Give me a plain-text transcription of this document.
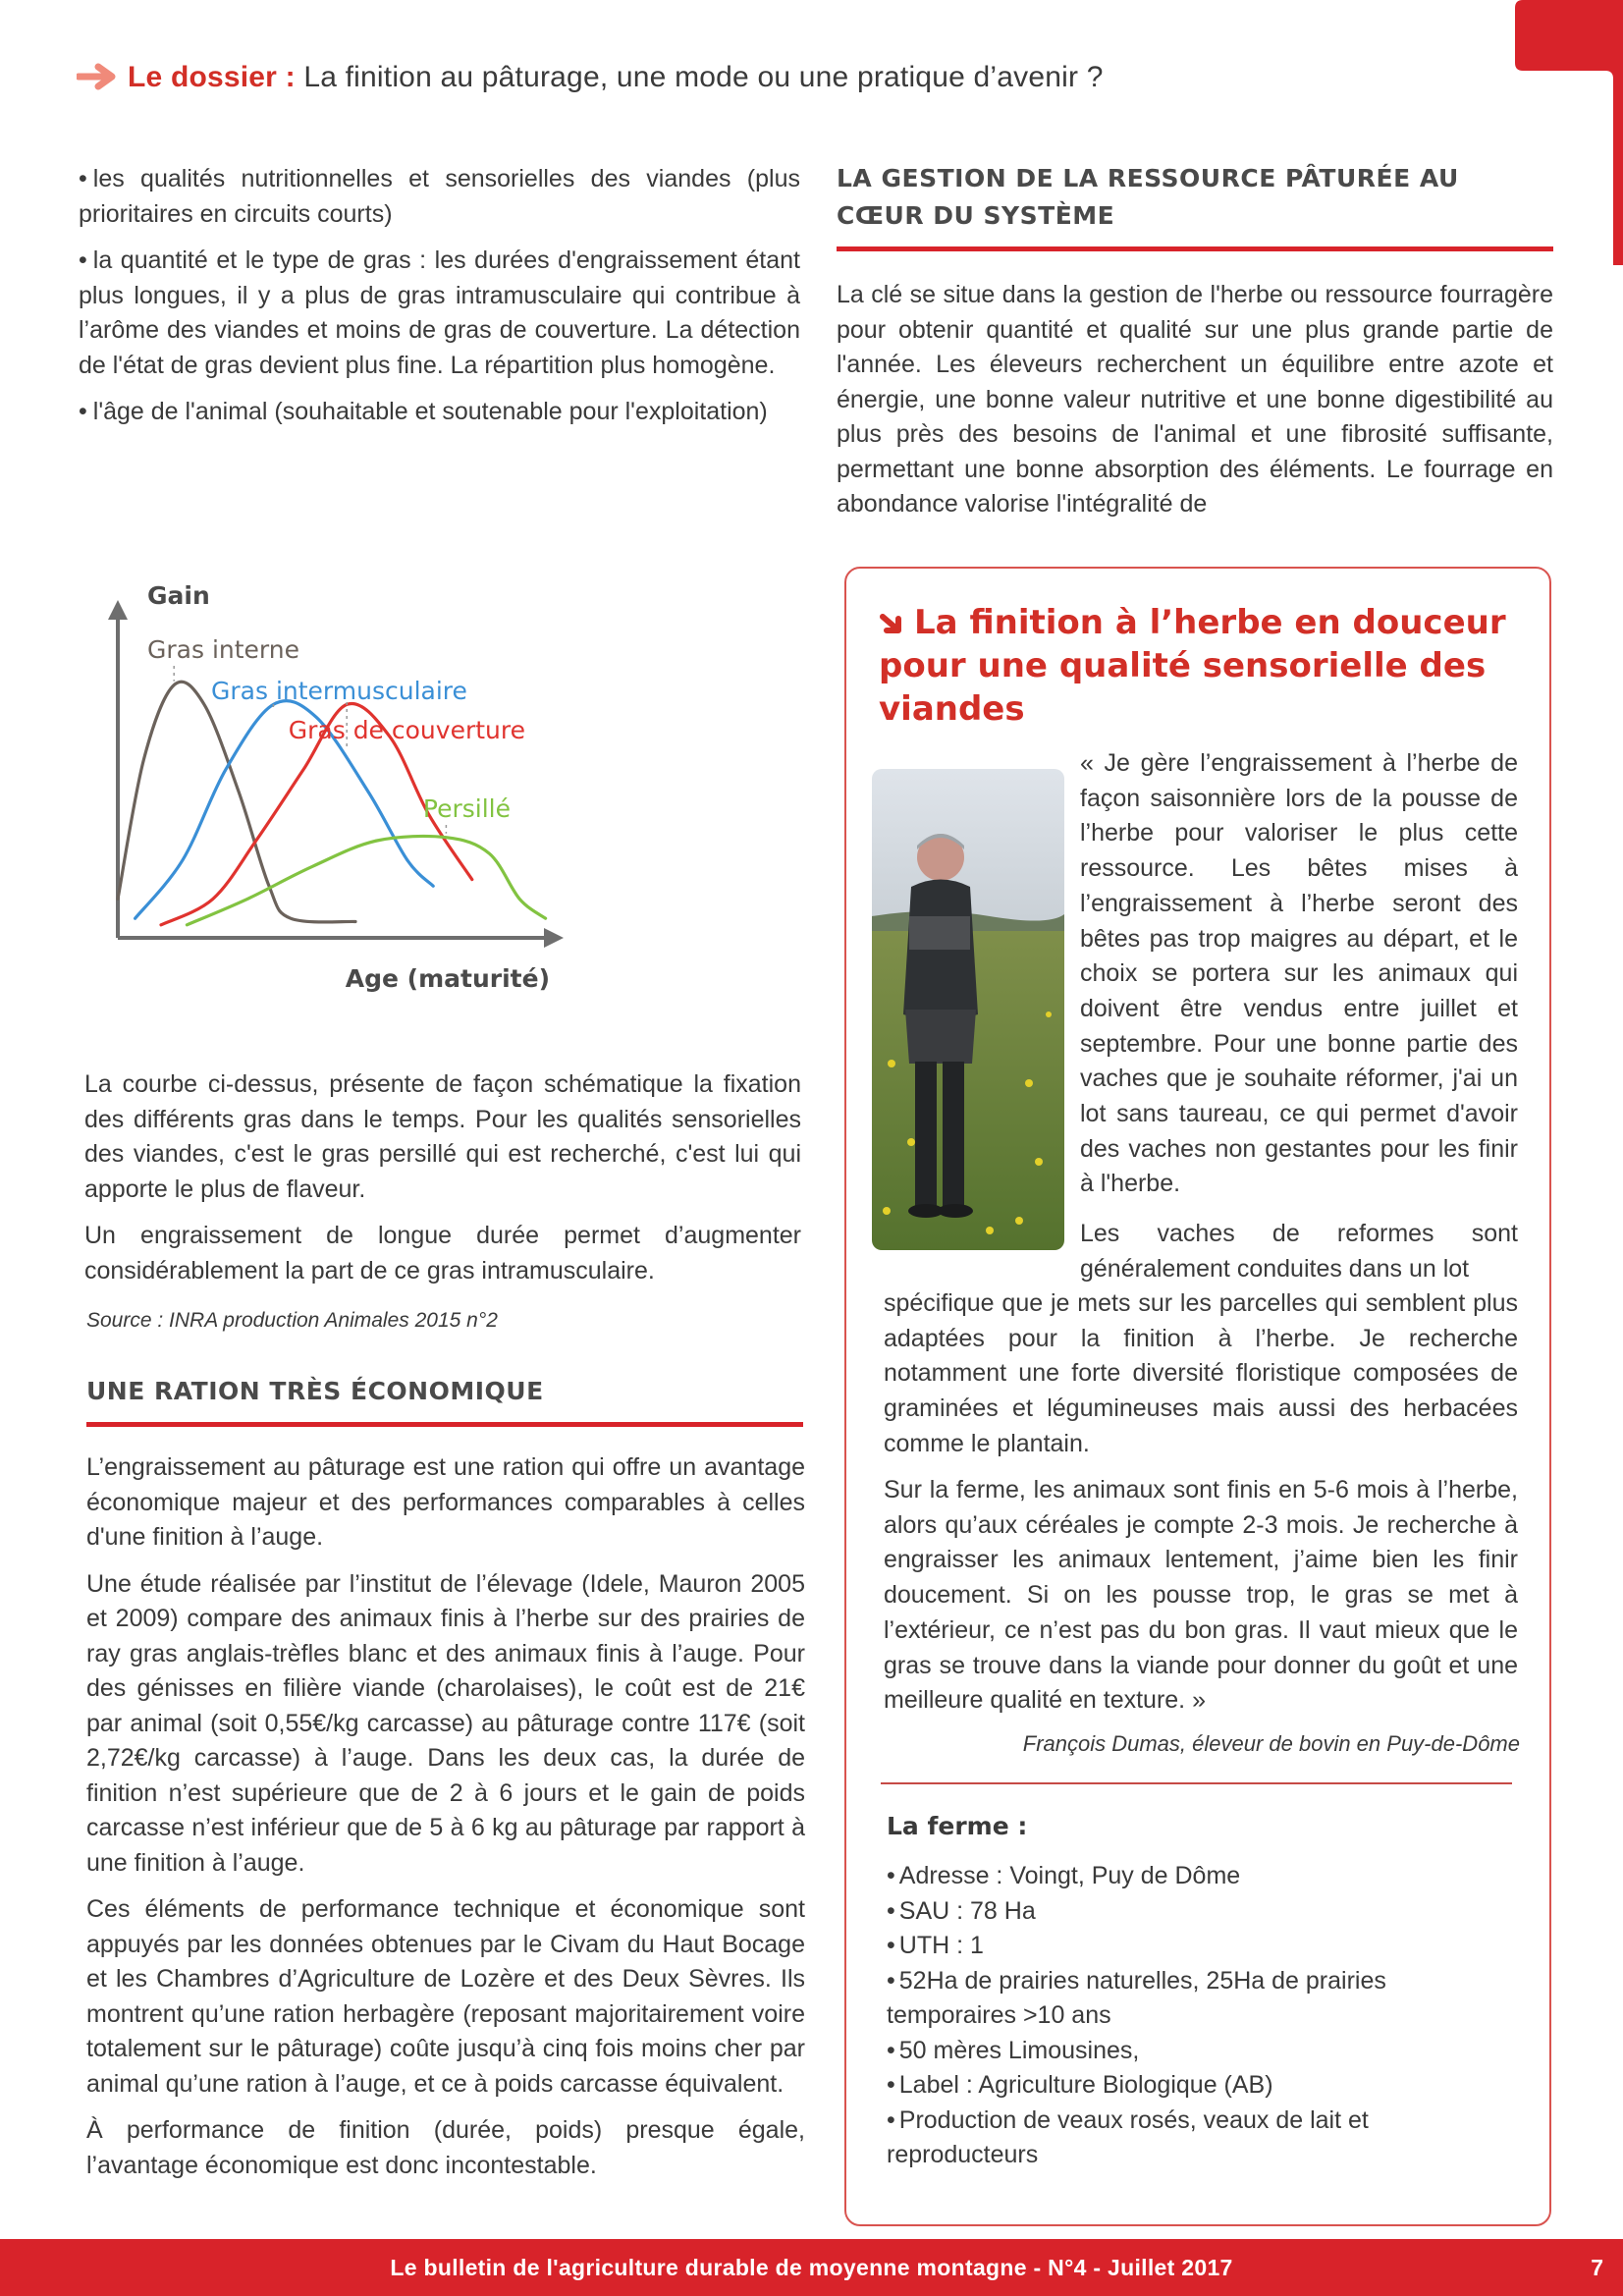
Le dossier : La finition au pâturage, une mode ou une pratique d’avenir ?

• les qualités nutritionnelles et sensorielles des viandes (plus prioritaires en circuits courts)

• la quantité et le type de gras : les durées d'engraissement étant plus longues, il y a plus de gras intramusculaire qui contribue à l’arôme des viandes et moins de gras de couverture. La détection de l'état de gras devient plus fine. La répartition plus homogène.

• l'âge de l'animal (souhaitable et soutenable pour l'exploitation)

LA GESTION DE LA RESSOURCE PÂTURÉE AU CŒUR DU SYSTÈME
La clé se situe dans la gestion de l'herbe ou ressource fourragère pour obtenir quantité et qualité sur une plus grande partie de l'année. Les éleveurs recherchent un équilibre entre azote et énergie, une bonne valeur nutritive et une bonne digestibilité au plus près des besoins de l'animal et une fibrosité suffisante, permettant une bonne absorption des éléments. Le fourrage en abondance valorise l'intégralité de
Gain
Age (maturité)
Gras interne
Gras intermusculaire
Gras de couverture
Persillé

La courbe ci-dessus, présente de façon schématique la fixation des différents gras dans le temps. Pour les qualités sensorielles des viandes, c'est le gras persillé qui est recherché, c'est lui qui apporte le plus de flaveur.

Un engraissement de longue durée permet d’augmenter considérablement la part de ce gras intramusculaire.

Source : INRA production Animales 2015 n°2
UNE RATION TRÈS ÉCONOMIQUE

L’engraissement au pâturage est une ration qui offre un avantage économique majeur et des performances comparables à celles d'une finition à l’auge.

Une étude réalisée par l’institut de l’élevage (Idele, Mauron 2005 et 2009) compare des animaux finis à l’herbe sur des prairies de ray gras anglais-trèfles blanc et des animaux finis à l’auge. Pour des génisses en filière viande (charolaises), le coût est de 21€ par animal (soit 0,55€/kg carcasse) au pâturage contre 117€ (soit 2,72€/kg carcasse) à l’auge. Dans les deux cas, la durée de finition n’est supérieure que de 2 à 6 jours et le gain de poids carcasse n’est inférieur que de 5 à 6 kg au pâturage par rapport à une finition à l’auge.

Ces éléments de performance technique et économique sont appuyés par les données obtenues par le Civam du Haut Bocage et les Chambres d’Agriculture de Lozère et des Deux Sèvres. Ils montrent qu’une ration herbagère (reposant majoritairement voire totalement sur le pâturage) coûte jusqu’à cinq fois moins cher par animal qu’une ration à l’auge, et ce à poids carcasse équivalent.

À performance de finition (durée, poids) presque égale, l’avantage économique est donc incontestable.

La finition à l’herbe en douceur pour une qualité sensorielle des viandes
« Je gère l’engraissement à l’herbe de façon saisonnière lors de la pousse de l’herbe pour valoriser le plus cette ressource. Les bêtes mises à l’engraissement à l’herbe seront des bêtes pas trop maigres au départ, et le choix se portera sur les animaux qui doivent être vendus entre juillet et septembre. Pour une bonne partie des vaches que je souhaite réformer, j'ai un lot sans taureau, ce qui permet d'avoir des vaches non gestantes pour les finir à l'herbe.
Les vaches de reformes sont généralement conduites dans un lot
spécifique que je mets sur les parcelles qui semblent plus adaptées pour la finition à l’herbe. Je recherche notamment une forte diversité floristique composées de graminées et légumineuses mais aussi des herbacées comme le plantain.
Sur la ferme, les animaux sont finis en 5-6 mois à l’herbe, alors qu’aux céréales je compte 2-3 mois. Je recherche à engraisser les animaux lentement, j’aime bien les finir doucement. Si on les pousse trop, le gras se met à l’extérieur, ce n’est pas du bon gras. Il vaut mieux que le gras se trouve dans la viande pour donner du goût et une meilleure qualité en texture. »
François Dumas, éleveur de bovin en Puy-de-Dôme
La ferme :
• Adresse : Voingt, Puy de Dôme
• SAU : 78 Ha
• UTH : 1
• 52Ha de prairies naturelles, 25Ha de prairies temporaires >10 ans
• 50 mères Limousines,
• Label : Agriculture Biologique (AB)
• Production de veaux rosés, veaux de lait et reproducteurs
Le bulletin de l'agriculture durable de moyenne montagne - N°4 - Juillet 2017	7
